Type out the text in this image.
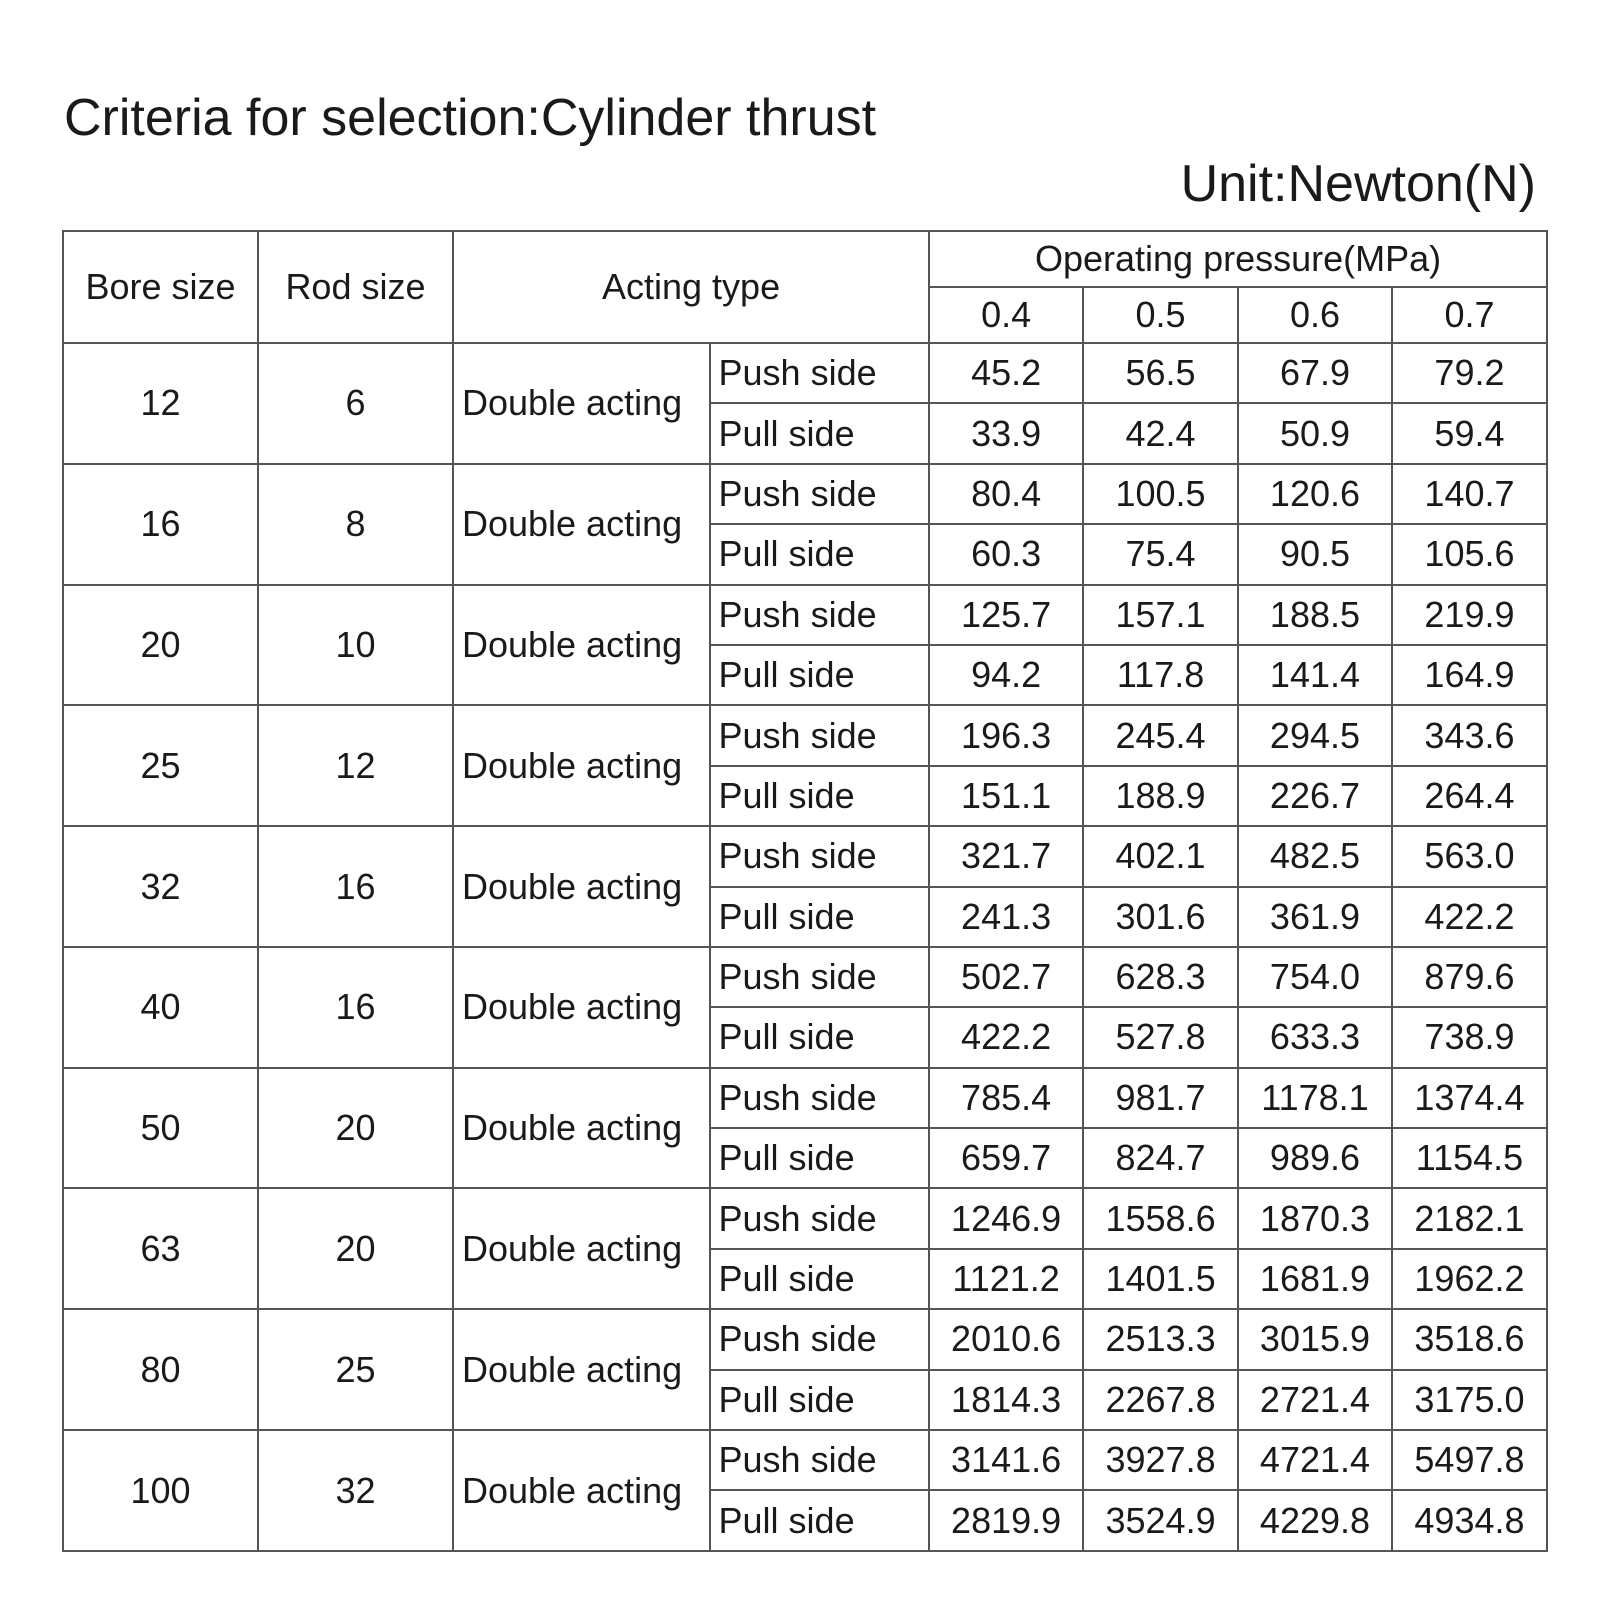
Criteria for selection:Cylinder thrust
Unit:Newton(N)
Bore size	Rod size	Acting type		Operating pressure(MPa)			
				0.4	0.5	0.6	0.7
12	6	Double acting	Push side	45.2	56.5	67.9	79.2
			Pull side	33.9	42.4	50.9	59.4
16	8	Double acting	Push side	80.4	100.5	120.6	140.7
			Pull side	60.3	75.4	90.5	105.6
20	10	Double acting	Push side	125.7	157.1	188.5	219.9
			Pull side	94.2	117.8	141.4	164.9
25	12	Double acting	Push side	196.3	245.4	294.5	343.6
			Pull side	151.1	188.9	226.7	264.4
32	16	Double acting	Push side	321.7	402.1	482.5	563.0
			Pull side	241.3	301.6	361.9	422.2
40	16	Double acting	Push side	502.7	628.3	754.0	879.6
			Pull side	422.2	527.8	633.3	738.9
50	20	Double acting	Push side	785.4	981.7	1178.1	1374.4
			Pull side	659.7	824.7	989.6	1154.5
63	20	Double acting	Push side	1246.9	1558.6	1870.3	2182.1
			Pull side	1121.2	1401.5	1681.9	1962.2
80	25	Double acting	Push side	2010.6	2513.3	3015.9	3518.6
			Pull side	1814.3	2267.8	2721.4	3175.0
100	32	Double acting	Push side	3141.6	3927.8	4721.4	5497.8
			Pull side	2819.9	3524.9	4229.8	4934.8
